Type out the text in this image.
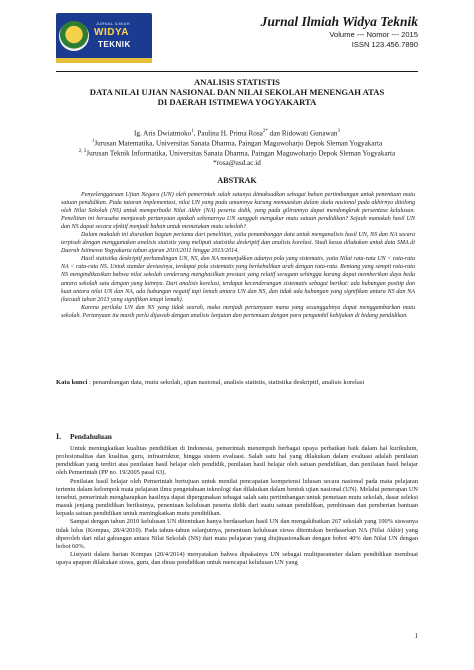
JURNAL ILMIAH
WIDYA
TEKNIK
Jurnal Ilmiah Widya Teknik
Volume --- Nomor --- 2015
ISSN 123.456.7890
ANALISIS STATISTIS
DATA NILAI UJIAN NASIONAL DAN NILAI SEKOLAH MENENGAH ATAS
DI DAERAH ISTIMEWA YOGYAKARTA
Ig. Aris Dwiatmoko$^1$, Paulina H. Prima Rosa$^{2*}$ dan Ridowati Gunawan$^3$
$^1$Jurusan Matematika, Universitas Sanata Dharma, Paingan Maguwoharjo Depok Sleman Yogyakarta
$^{2, 3}$Jurusan Teknik Informatika, Universitas Sanata Dharma, Paingan Maguwoharjo Depok Sleman Yogyakarta
*rosa@usd.ac.id
ABSTRAK

Penyelenggaraan Ujian Negara (UN) oleh pemerintah salah satunya dimaksudkan sebagai bahan pertimbangan untuk penentuan mutu satuan pendidikan. Pada tataran implementasi, nilai UN yang pada umumnya kurang memuaskan dalam skala nasional pada akhirnya ditolong oleh Nilai Sekolah (NS) untuk memperbaiki Nilai Akhir (NA) peserta didik, yang pada gilirannya dapat mendongkrak persentase kelulusan. Penelitian ini berusaha menjawab pertanyaan apakah sebenarnya UN sungguh mengukur mutu satuan pendidikan? Sejauh manakah hasil UN dan NS dapat secara efektif menjadi bahan untuk memetakan mutu sekolah?

Dalam makalah ini diuraikan bagian pertama dari penelitian, yaitu penambangan data untuk menganalisis hasil UN, NS dan NA secara terpisah dengan menggunakan analisis statistis yang meliputi statistika deskriptif dan analisis korelasi. Studi kasus dilakukan untuk data SMA di Daerah Istimewa Yogyakarta tahun ajaran 2010/2011 hingga 2013/2014.

Hasil statistika deskriptif perbandingan UN, NS, dan NA menunjukkan adanya pola yang sistematis, yaitu Nilai rata-rata UN < rata-rata NA < rata-rata NS. Untuk standar deviasinya, terdapat pola sistematis yang berkebalikan arah dengan rata-rata. Rentang yang sempit rata-rata NS mengindikasikan bahwa nilai sekolah cenderung menghasilkan prestasi yang relatif seragam sehingga kurang dapat memberikan daya beda antara sekolah satu dengan yang lainnya. Dari analisis korelasi, terdapat kecenderungan sistematis sebagai berikut: ada hubungan positip dan kuat antara nilai UN dan NA, ada hubungan negatif tapi lemah antara UN dan NS, dan tidak ada hubungan yang signifikan antara NS dan NA (kecuali tahun 2013 yang signifikan tetapi lemah).

Karena perilaku UN dan NS yang tidak searah, maka menjadi pertanyaan mana yang sesungguhnya dapat menggambarkan mutu sekolah. Pertanyaan itu masih perlu dijawab dengan analisis lanjutan dan pertemuan dengan para pengambil kebijakan di bidang pendidikan.

Kata kunci : penambangan data, mutu sekolah, ujian nasional, analisis statistis, statistika deskriptif, analisis korelasi
I. Pendahuluan

Untuk meningkatkan kualitas pendidikan di Indonesia, pemerintah menempuh berbagai upaya perbaikan baik dalam hal kurikulum, profesionalitas dan kualitas guru, infrastruktur, hingga sistem evaluasi. Salah satu hal yang dilakukan dalam evaluasi adalah penilaian pendidikan yang terdiri atas penilaian hasil belajar oleh pendidik, penilaian hasil belajar oleh satuan pendidikan, dan penilaian hasil belajar oleh Pemerintah (PP no. 19/2005 pasal 63).

Penilaian hasil belajar oleh Pemerintah bertujuan untuk menilai pencapaian kompetensi lulusan secara nasional pada mata pelajaran tertentu dalam kelompok mata pelajaran ilmu pengetahuan teknologi dan dilakukan dalam bentuk ujian nasional (UN). Melalui penerapan UN tersebut, pemerintah mengharapkan hasilnya dapat dipergunakan sebagai salah satu pertimbangan untuk pemetaan mutu sekolah, dasar seleksi masuk jenjang pendidikan berikutnya, penentuan kelulusan peserta didik dari suatu satuan pendidikan, pembinaan dan pemberian bantuan kepada satuan pendidikan untuk meningkatkan mutu pendidikan.

Sampai dengan tahun 2010 kelulusan UN ditentukan hanya berdasarkan hasil UN dan mengakibatkan 267 sekolah yang 100% siswanya tidak lulus (Kompas, 28/4/2010). Pada tahun-tahun selanjutnya, penentuan kelulusan siswa ditentukan berdasarkan NA (Nilai Akhir) yang diperoleh dari nilai gabungan antara Nilai Sekolah (NS) dari mata pelajaran yang diujinasionalkan dengan bobot 40% dan Nilai UN dengan bobot 60%.

Listyarti dalam harian Kompas (20/4/2014) menyatakan bahwa dipakainya UN sebagai multiparameter dalam pendidikan membuat upaya apapun dilakukan siswa, guru, dan dinas pendidikan untuk mencapai kelulusan UN yang

1
